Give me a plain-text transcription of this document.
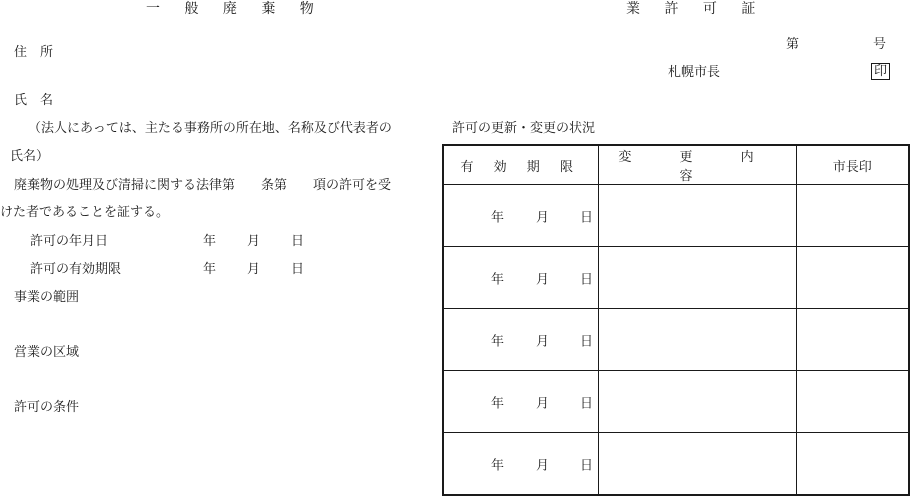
一 般 廃 棄 物	業 許 可 証
第	号
札幌市長	印
住　所
氏　名
（法人にあっては、主たる事務所の所在地、名称及び代表者の
氏名）
廃棄物の処理及び清掃に関する法律第　　条第　　項の許可を受
けた者であることを証する。
許可の年月日	年 月 日
許可の有効期限	年 月 日
事業の範囲
営業の区域
許可の条件
許可の更新・変更の状況
有 効 期 限	変 更 内 容	市長印

年 月 日		

年 月 日		

年 月 日		

年 月 日		

年 月 日		
